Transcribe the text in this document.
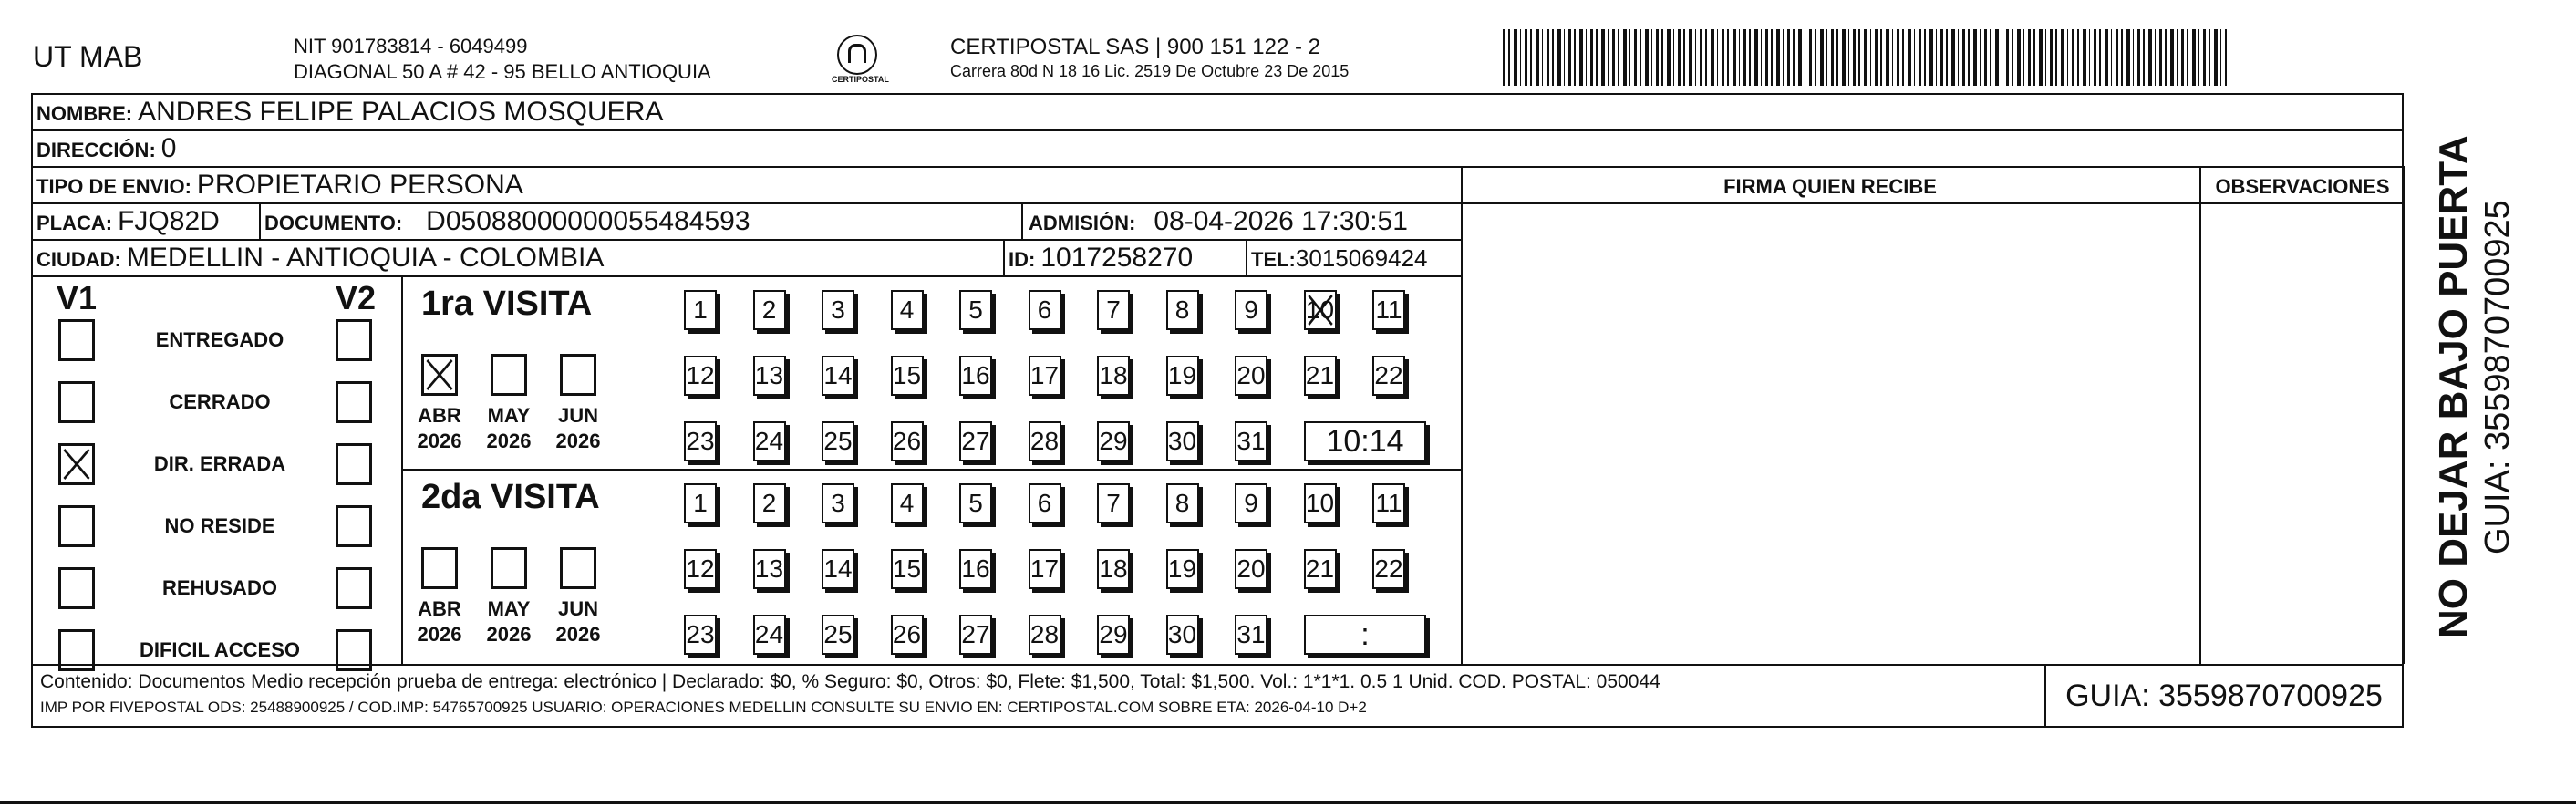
UT MAB	NIT 901783814 - 6049499
DIAGONAL 50 A # 42 - 95 BELLO ANTIOQUIA	CERTIPOSTAL
CERTIPOSTAL SAS | 900 151 122 - 2
Carrera 80d N 18 16 Lic. 2519 De Octubre 23 De 2015
NOMBRE: ANDRES FELIPE PALACIOS MOSQUERA
DIRECCIÓN: 0
TIPO DE ENVIO: PROPIETARIO PERSONA
PLACA: FJQ82D DOCUMENTO: D05088000000055484593	ADMISIÓN: 08-04-2026 17:30:51
CIUDAD: MEDELLIN - ANTIOQUIA - COLOMBIA	ID: 1017258270	TEL: 3015069424
FIRMA QUIEN RECIBE	OBSERVACIONES
V1	V2
ENTREGADO
CERRADO
DIR. ERRADA
NO RESIDE
REHUSADO
DIFICIL ACCESO
1ra VISITA
ABR
2026
MAY
2026
JUN
2026
1 2 3 4 5 6 7 8 9 10 11
12 13 14 15 16 17 18 19 20 21 22
23 24 25 26 27 28 29 30 31 10:14
2da VISITA
ABR
2026
MAY
2026
JUN
2026
1 2 3 4 5 6 7 8 9 10 11
12 13 14 15 16 17 18 19 20 21 22
23 24 25 26 27 28 29 30 31	:
Contenido: Documentos Medio recepción prueba de entrega: electrónico | Declarado: $0, % Seguro: $0, Otros: $0, Flete: $1,500, Total: $1,500. Vol.: 1*1*1. 0.5 1 Unid. COD. POSTAL: 050044
IMP POR FIVEPOSTAL ODS: 25488900925 / COD.IMP: 54765700925 USUARIO: OPERACIONES MEDELLIN CONSULTE SU ENVIO EN: CERTIPOSTAL.COM SOBRE ETA: 2026-04-10 D+2	GUIA: 3559870700925
NO DEJAR BAJO PUERTA GUIA: 3559870700925
